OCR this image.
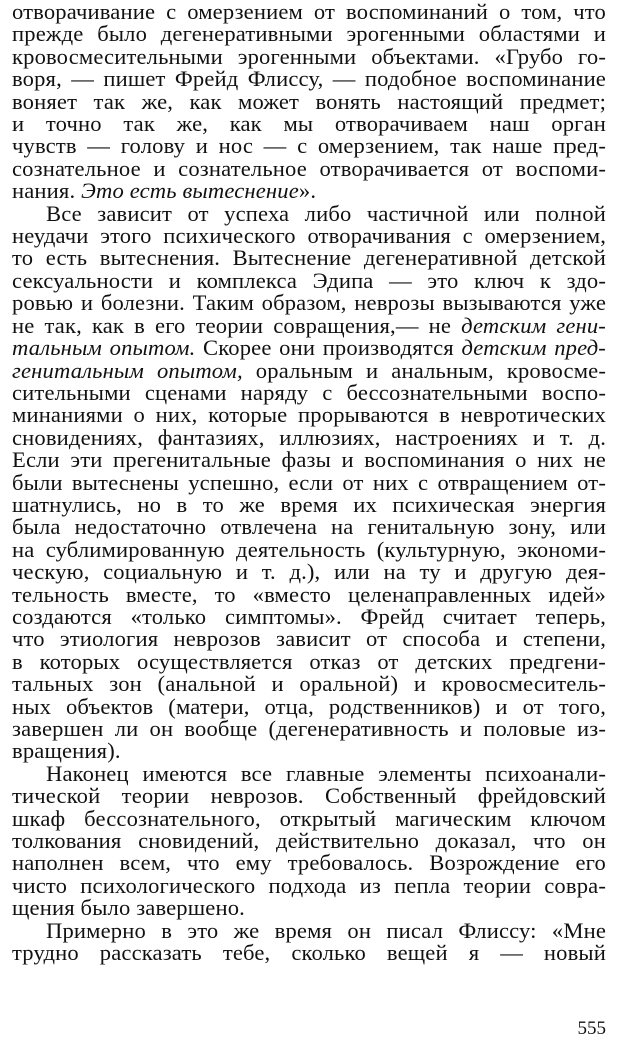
отворачивание с омерзением от воспоминаний о том, что
прежде было дегенеративными эрогенными областями и
кровосмесительными эрогенными объектами. «Грубо го-
воря, — пишет Фрейд Флиссу, — подобное воспоминание
воняет так же, как может вонять настоящий предмет;
и точно так же, как мы отворачиваем наш орган
чувств — голову и нос — с омерзением, так наше пред-
сознательное и сознательное отворачивается от воспоми-
нания. Это есть вытеснение».
Все зависит от успеха либо частичной или полной
неудачи этого психического отворачивания с омерзением,
то есть вытеснения. Вытеснение дегенеративной детской
сексуальности и комплекса Эдипа — это ключ к здо-
ровью и болезни. Таким образом, неврозы вызываются уже
не так, как в его теории совращения,— не детским гени-
тальным опытом. Скорее они производятся детским пред-
генитальным опытом, оральным и анальным, кровосме-
сительными сценами наряду с бессознательными воспо-
минаниями о них, которые прорываются в невротических
сновидениях, фантазиях, иллюзиях, настроениях и т. д.
Если эти прегенитальные фазы и воспоминания о них не
были вытеснены успешно, если от них с отвращением от-
шатнулись, но в то же время их психическая энергия
была недостаточно отвлечена на генитальную зону, или
на сублимированную деятельность (культурную, экономи-
ческую, социальную и т. д.), или на ту и другую дея-
тельность вместе, то «вместо целенаправленных идей»
создаются «только симптомы». Фрейд считает теперь,
что этиология неврозов зависит от способа и степени,
в которых осуществляется отказ от детских предгени-
тальных зон (анальной и оральной) и кровосмеситель-
ных объектов (матери, отца, родственников) и от того,
завершен ли он вообще (дегенеративность и половые из-
вращения).
Наконец имеются все главные элементы психоанали-
тической теории неврозов. Собственный фрейдовский
шкаф бессознательного, открытый магическим ключом
толкования сновидений, действительно доказал, что он
наполнен всем, что ему требовалось. Возрождение его
чисто психологического подхода из пепла теории совра-
щения было завершено.
Примерно в это же время он писал Флиссу: «Мне
трудно рассказать тебе, сколько вещей я — новый
555
